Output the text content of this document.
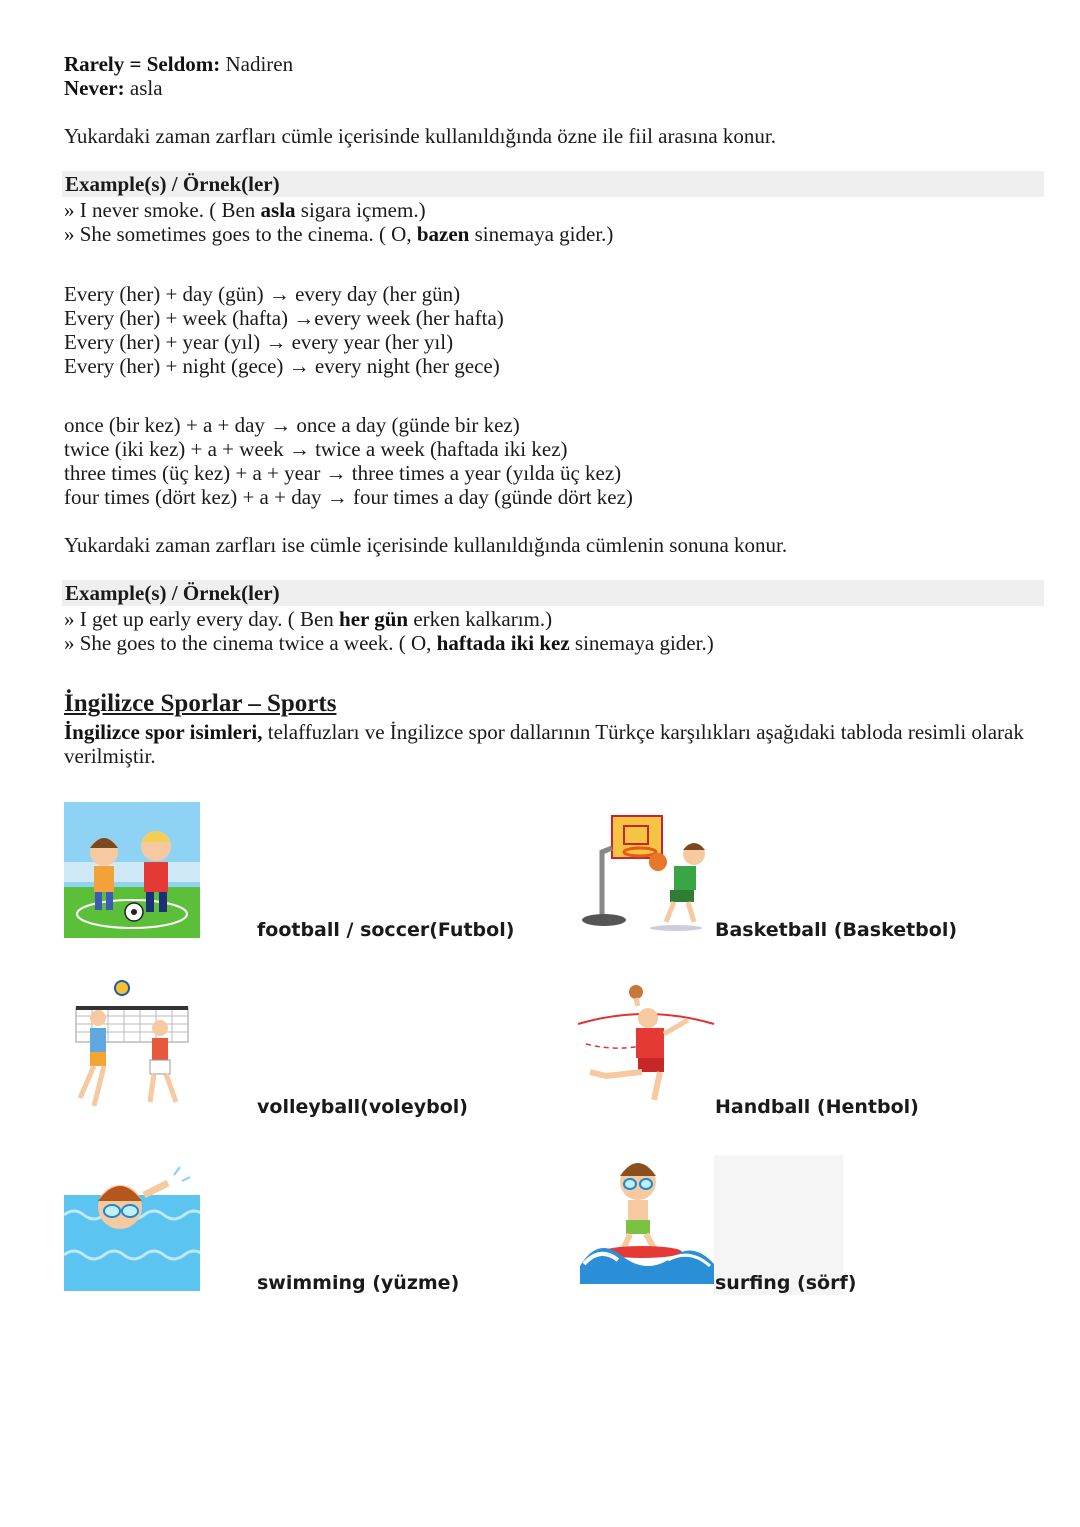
Rarely = Seldom: Nadiren
Never: asla
Yukardaki zaman zarfları cümle içerisinde kullanıldığında özne ile fiil arasına konur.
Example(s) / Örnek(ler)
» I never smoke. ( Ben asla sigara içmem.)
» She sometimes goes to the cinema. ( O, bazen sinemaya gider.)
Every (her) + day (gün) → every day (her gün)
Every (her) + week (hafta) →every week (her hafta)
Every (her) + year (yıl) → every year (her yıl)
Every (her) + night (gece) → every night (her gece)
once (bir kez) + a + day → once a day (günde bir kez)
twice (iki kez) + a + week → twice a week (haftada iki kez)
three times (üç kez) + a + year → three times a year (yılda üç kez)
four times (dört kez) + a + day → four times a day (günde dört kez)
Yukardaki zaman zarfları ise cümle içerisinde kullanıldığında cümlenin sonuna konur.
Example(s) / Örnek(ler)
» I get up early every day. ( Ben her gün erken kalkarım.)
» She goes to the cinema twice a week. ( O, haftada iki kez sinemaya gider.)
İngilizce Sporlar – Sports
İngilizce spor isimleri, telaffuzları ve İngilizce spor dallarının Türkçe karşılıkları aşağıdaki tabloda resimli olarak
verilmiştir.
football / soccer(Futbol)	Basketball (Basketbol)
volleyball(voleybol)	Handball (Hentbol)
swimming (yüzme)	surfing (sörf)
